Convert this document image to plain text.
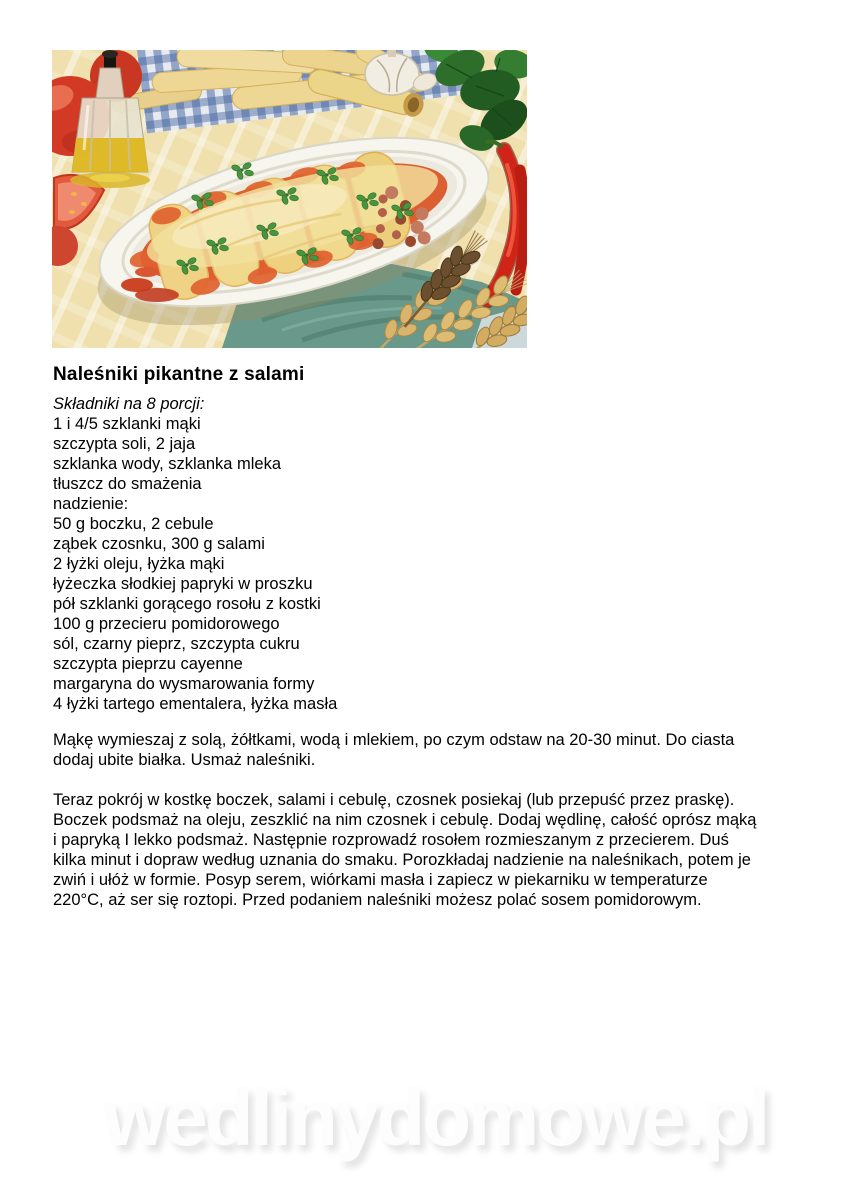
Naleśniki pikantne z salami
Składniki na 8 porcji:
1 i 4/5 szklanki mąki
szczypta soli, 2 jaja
szklanka wody, szklanka mleka
tłuszcz do smażenia
nadzienie:
50 g boczku, 2 cebule
ząbek czosnku, 300 g salami
2 łyżki oleju, łyżka mąki
łyżeczka słodkiej papryki w proszku
pół szklanki gorącego rosołu z kostki
100 g przecieru pomidorowego
sól, czarny pieprz, szczypta cukru
szczypta pieprzu cayenne
margaryna do wysmarowania formy
4 łyżki tartego ementalera, łyżka masła
Mąkę wymieszaj z solą, żółtkami, wodą i mlekiem, po czym odstaw na 20-30 minut. Do ciasta
dodaj ubite białka. Usmaż naleśniki.
Teraz pokrój w kostkę boczek, salami i cebulę, czosnek posiekaj (lub przepuść przez praskę).
Boczek podsmaż na oleju, zeszklić na nim czosnek i cebulę. Dodaj wędlinę, całość oprósz mąką
i papryką I lekko podsmaż. Następnie rozprowadź rosołem rozmieszanym z przecierem. Duś
kilka minut i dopraw według uznania do smaku. Porozkładaj nadzienie na naleśnikach, potem je
zwiń i ułóż w formie. Posyp serem, wiórkami masła i zapiecz w piekarniku w temperaturze
220°C, aż ser się roztopi. Przed podaniem naleśniki możesz polać sosem pomidorowym.
wedlinydomowe.pl
